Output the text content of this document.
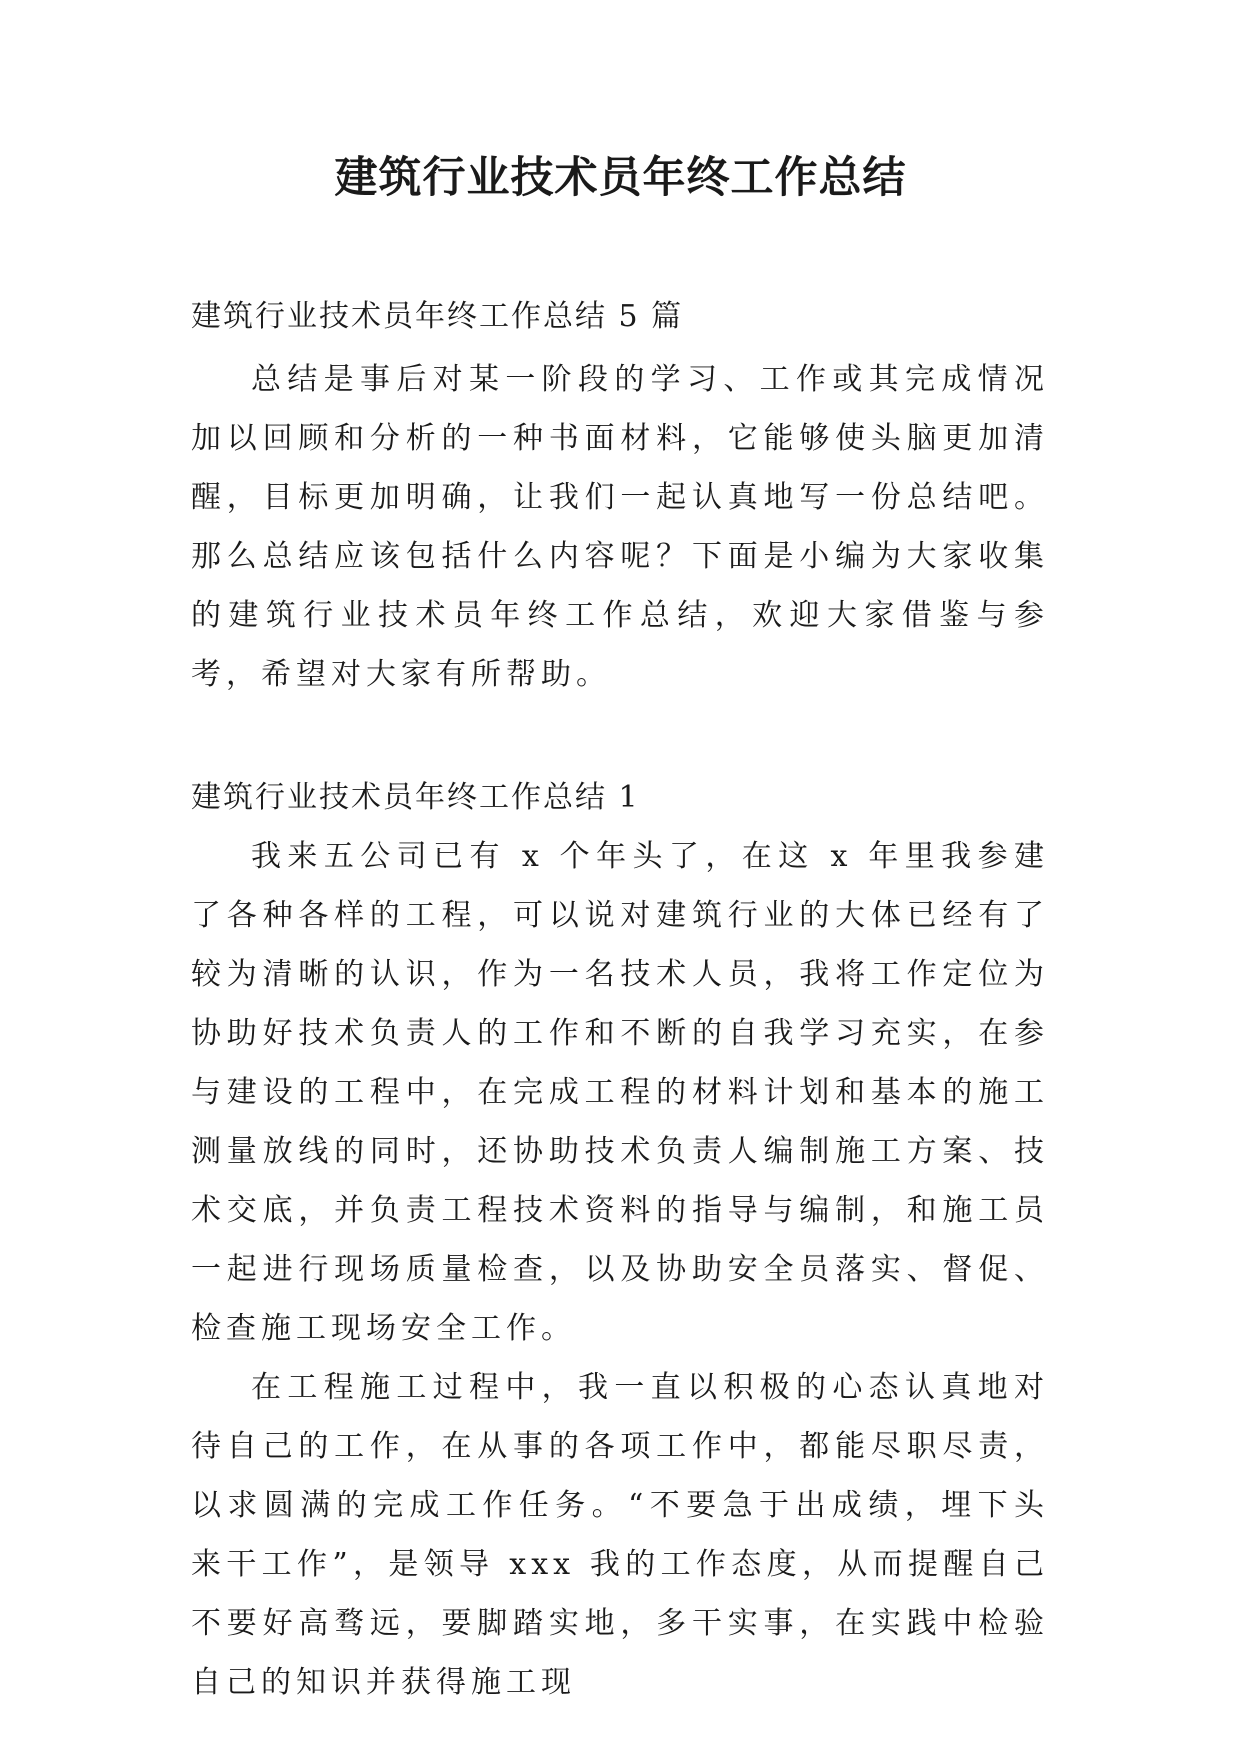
建筑行业技术员年终工作总结

建筑行业技术员年终工作总结 5 篇

总结是事后对某一阶段的学习、工作或其完成情况加以回顾和分析的一种书面材料，它能够使头脑更加清醒，目标更加明确，让我们一起认真地写一份总结吧。那么总结应该包括什么内容呢？下面是小编为大家收集的建筑行业技术员年终工作总结，欢迎大家借鉴与参考，希望对大家有所帮助。

建筑行业技术员年终工作总结 1

我来五公司已有 x 个年头了，在这 x 年里我参建了各种各样的工程，可以说对建筑行业的大体已经有了较为清晰的认识，作为一名技术人员，我将工作定位为协助好技术负责人的工作和不断的自我学习充实，在参与建设的工程中，在完成工程的材料计划和基本的施工测量放线的同时，还协助技术负责人编制施工方案、技术交底，并负责工程技术资料的指导与编制，和施工员一起进行现场质量检查，以及协助安全员落实、督促、检查施工现场安全工作。

在工程施工过程中，我一直以积极的心态认真地对待自己的工作，在从事的各项工作中，都能尽职尽责，以求圆满的完成工作任务。“不要急于出成绩，埋下头来干工作”，是领导 xxx 我的工作态度，从而提醒自己不要好高骛远，要脚踏实地，多干实事，在实践中检验自己的知识并获得施工现
